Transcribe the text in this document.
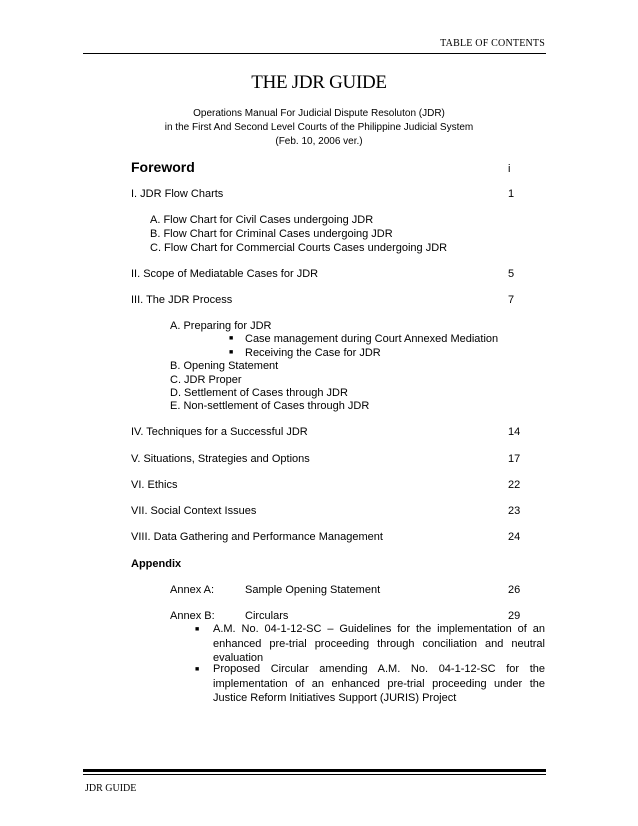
TABLE OF CONTENTS
THE JDR GUIDE
Operations Manual For Judicial Dispute Resoluton (JDR)
in the First And Second Level Courts of the Philippine Judicial System
(Feb. 10, 2006 ver.)
Foreword	i
I. JDR Flow Charts	1
A. Flow Chart for Civil Cases undergoing JDR
B. Flow Chart for Criminal Cases undergoing JDR
C. Flow Chart for Commercial Courts Cases undergoing JDR
II. Scope of Mediatable Cases for JDR	5
III. The JDR Process	7
A. Preparing for JDR
■ Case management during Court Annexed Mediation
■ Receiving the Case for JDR
B. Opening Statement
C. JDR Proper
D. Settlement of Cases through JDR
E. Non-settlement of Cases through JDR
IV. Techniques for a Successful JDR	14
V. Situations, Strategies and Options	17
VI. Ethics	22
VII. Social Context Issues	23
VIII. Data Gathering and Performance Management	24
Appendix
Annex A:	Sample Opening Statement	26
Annex B:	Circulars	29
■ A.M. No. 04-1-12-SC – Guidelines for the implementation of an enhanced pre-trial proceeding through conciliation and neutral evaluation
■ Proposed Circular amending A.M. No. 04-1-12-SC for the implementation of an enhanced pre-trial proceeding under the Justice Reform Initiatives Support (JURIS) Project
JDR GUIDE
